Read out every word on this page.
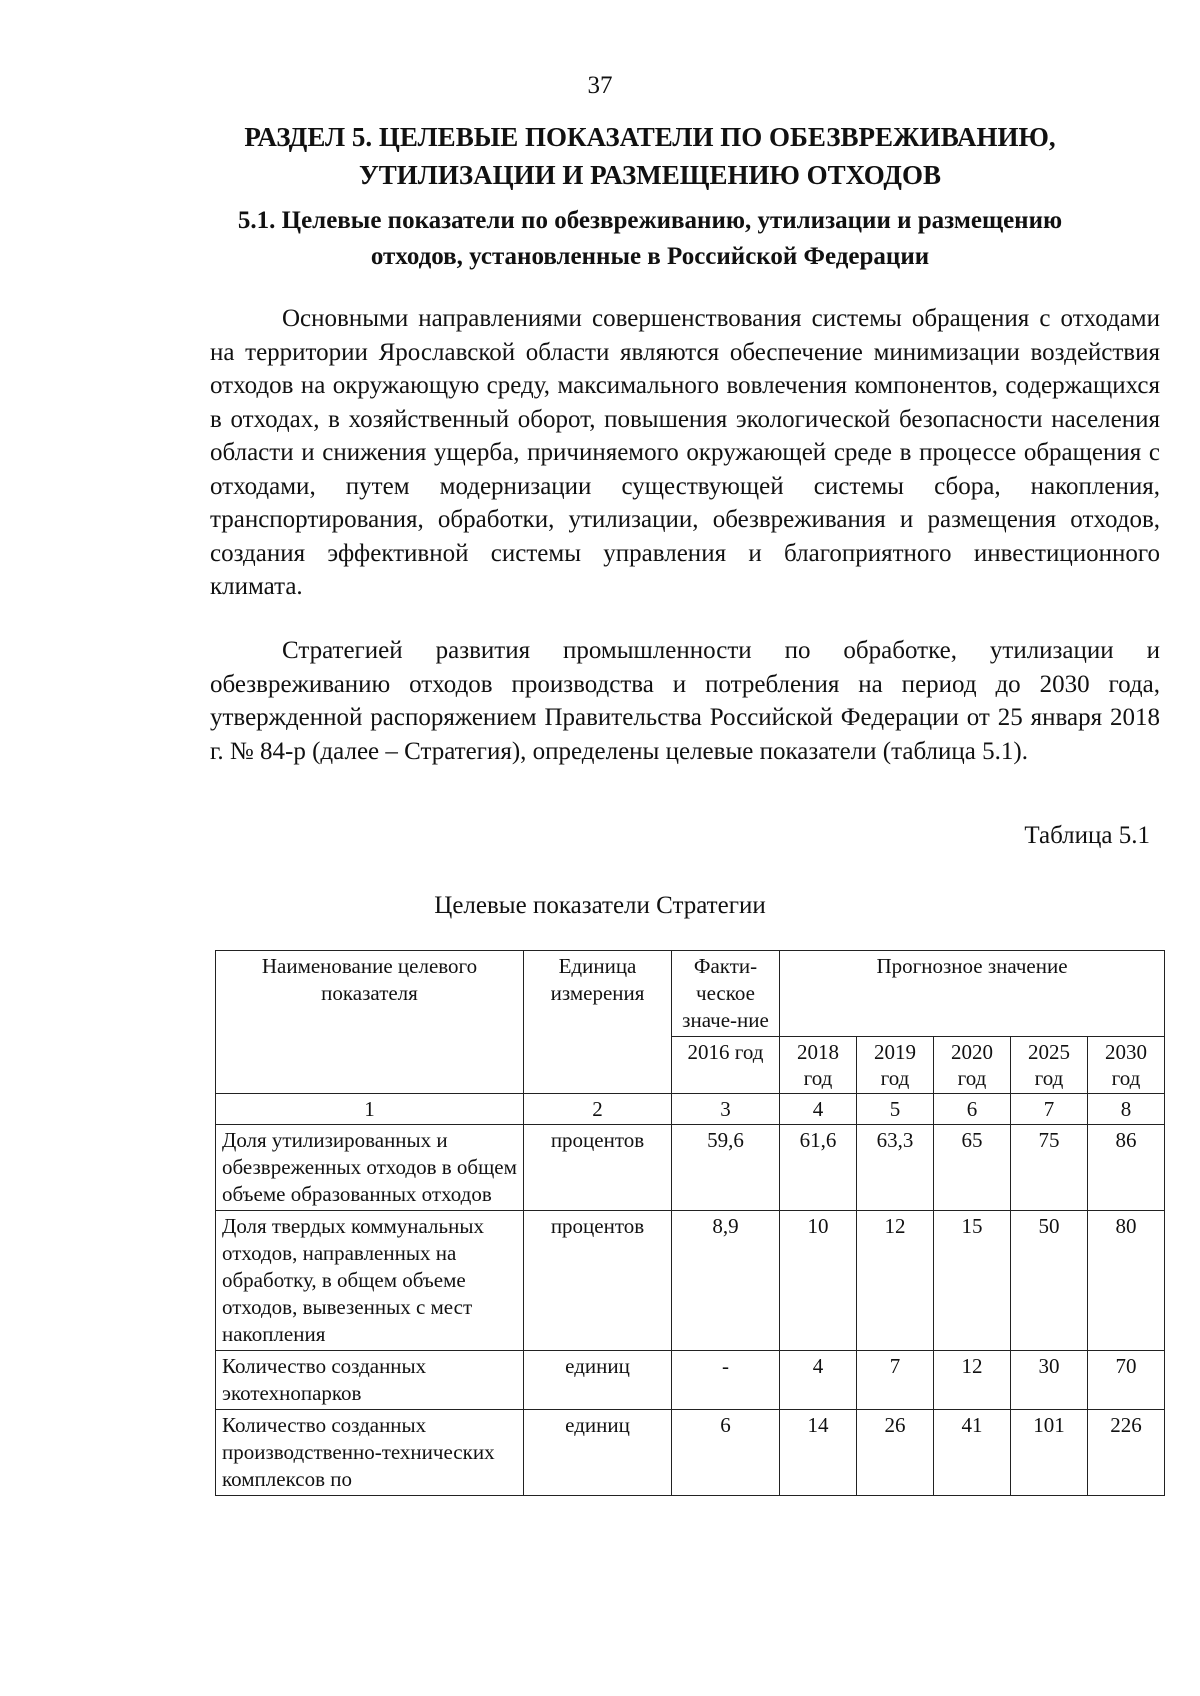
37
РАЗДЕЛ 5. ЦЕЛЕВЫЕ ПОКАЗАТЕЛИ ПО ОБЕЗВРЕЖИВАНИЮ, УТИЛИЗАЦИИ И РАЗМЕЩЕНИЮ ОТХОДОВ
5.1. Целевые показатели по обезвреживанию, утилизации и размещению отходов, установленные в Российской Федерации

Основными направлениями совершенствования системы обращения с отходами на территории Ярославской области являются обеспечение минимизации воздействия отходов на окружающую среду, максимального вовлечения компонентов, содержащихся в отходах, в хозяйственный оборот, повышения экологической безопасности населения области и снижения ущерба, причиняемого окружающей среде в процессе обращения с отходами, путем модернизации существующей системы сбора, накопления, транспортирования, обработки, утилизации, обезвреживания и размещения отходов, создания эффективной системы управления и благоприятного инвестиционного климата.

Стратегией развития промышленности по обработке, утилизации и обезвреживанию отходов производства и потребления на период до 2030 года, утвержденной распоряжением Правительства Российской Федерации от 25 января 2018 г. № 84-р (далее – Стратегия), определены целевые показатели (таблица 5.1).

Таблица 5.1
Целевые показатели Стратегии
Наименование целевого показателя	Единица измерения	Факти-ческое значе-ние	Прогнозное значение				
		2016 год	2018 год	2019 год	2020 год	2025 год	2030 год
1	2	3	4	5	6	7	8
Доля утилизированных и обезвреженных отходов в общем объеме образованных отходов	процентов	59,6	61,6	63,3	65	75	86
Доля твердых коммунальных отходов, направленных на обработку, в общем объеме отходов, вывезенных с мест накопления	процентов	8,9	10	12	15	50	80
Количество созданных экотехнопарков	единиц	-	4	7	12	30	70
Количество созданных производственно-технических комплексов по	единиц	6	14	26	41	101	226
